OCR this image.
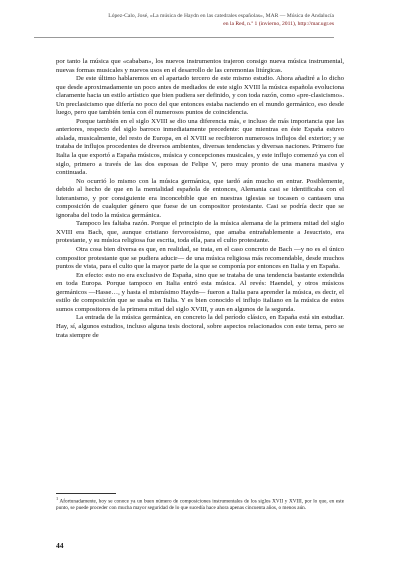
López-Calo, José, «La música de Haydn en las catedrales españolas», MAR — Música de Andalucía
en la Red, n.º 1 (invierno, 2011), http://mar.ugr.es

por tanto la música que «cababan», los nuevos instrumentos trajeron consigo nueva música instrumental, nuevas formas musicales y nuevos usos en el desarrollo de las ceremonias litúrgicas.

De este último hablaremos en el apartado tercero de este mismo estudio. Ahora añadiré a lo dicho que desde aproximadamente un poco antes de mediados de este siglo XVIII la música española evoluciona claramente hacia un estilo artístico que bien pudiera ser definido, y con toda razón, como «pre-clasicismo». Un preclasicismo que difería no poco del que entonces estaba naciendo en el mundo germánico, eso desde luego, pero que también tenía con él numerosos puntos de coincidencia.

Porque también en el siglo XVIII se dio una diferencia más, e incluso de más importancia que las anteriores, respecto del siglo barroco inmediatamente precedente: que mientras en éste España estuvo aislada, musicalmente, del resto de Europa, en el XVIII se recibieron numerosos influjos del exterior; y se trataba de influjos procedentes de diversos ambientes, diversas tendencias y diversas naciones. Primero fue Italia la que exportó a España músicos, música y concepciones musicales, y este influjo comenzó ya con el siglo, primero a través de las dos esposas de Felipe V, pero muy pronto de una manera masiva y continuada.

No ocurrió lo mismo con la música germánica, que tardó aún mucho en entrar. Posiblemente, debido al hecho de que en la mentalidad española de entonces, Alemania casi se identificaba con el luteranismo, y por consiguiente era inconcebible que en nuestras iglesias se tocasen o cantasen una composición de cualquier género que fuese de un compositor protestante. Casi se podría decir que se ignoraba del todo la música germánica.

Tampoco les faltaba razón. Porque el principio de la música alemana de la primera mitad del siglo XVIII era Bach, que, aunque cristiano fervorosísimo, que amaba entrañablemente a Jesucristo, era protestante, y su música religiosa fue escrita, toda ella, para el culto protestante.

Otra cosa bien diversa es que, en realidad, se trata, en el caso concreto de Bach —y no es el único compositor protestante que se pudiera aducir— de una música religiosa más recomendable, desde muchos puntos de vista, para el culto que la mayor parte de la que se componía por entonces en Italia y en España.

En efecto: esto no era exclusivo de España, sino que se trataba de una tendencia bastante extendida en toda Europa. Porque tampoco en Italia entró esta música. Al revés: Haendel, y otros músicos germánicos —Hasse…, y hasta el mismísimo Haydn— fueron a Italia para aprender la música, es decir, el estilo de composición que se usaba en Italia. Y es bien conocido el influjo italiano en la música de estos sumos compositores de la primera mitad del siglo XVIII, y aun en algunos de la segunda.

La entrada de la música germánica, en concreto la del período clásico, en España está sin estudiar. Hay, sí, algunos estudios, incluso alguna tesis doctoral, sobre aspectos relacionados con este tema, pero se trata siempre de

$^1$ Afortunadamente, hoy se conoce ya un buen número de composiciones instrumentales de los siglos XVII y XVIII, por lo que, en este punto, se puede proceder con mucha mayor seguridad de lo que sucedía hace ahora apenas cincuenta años, o menos aún.
44
